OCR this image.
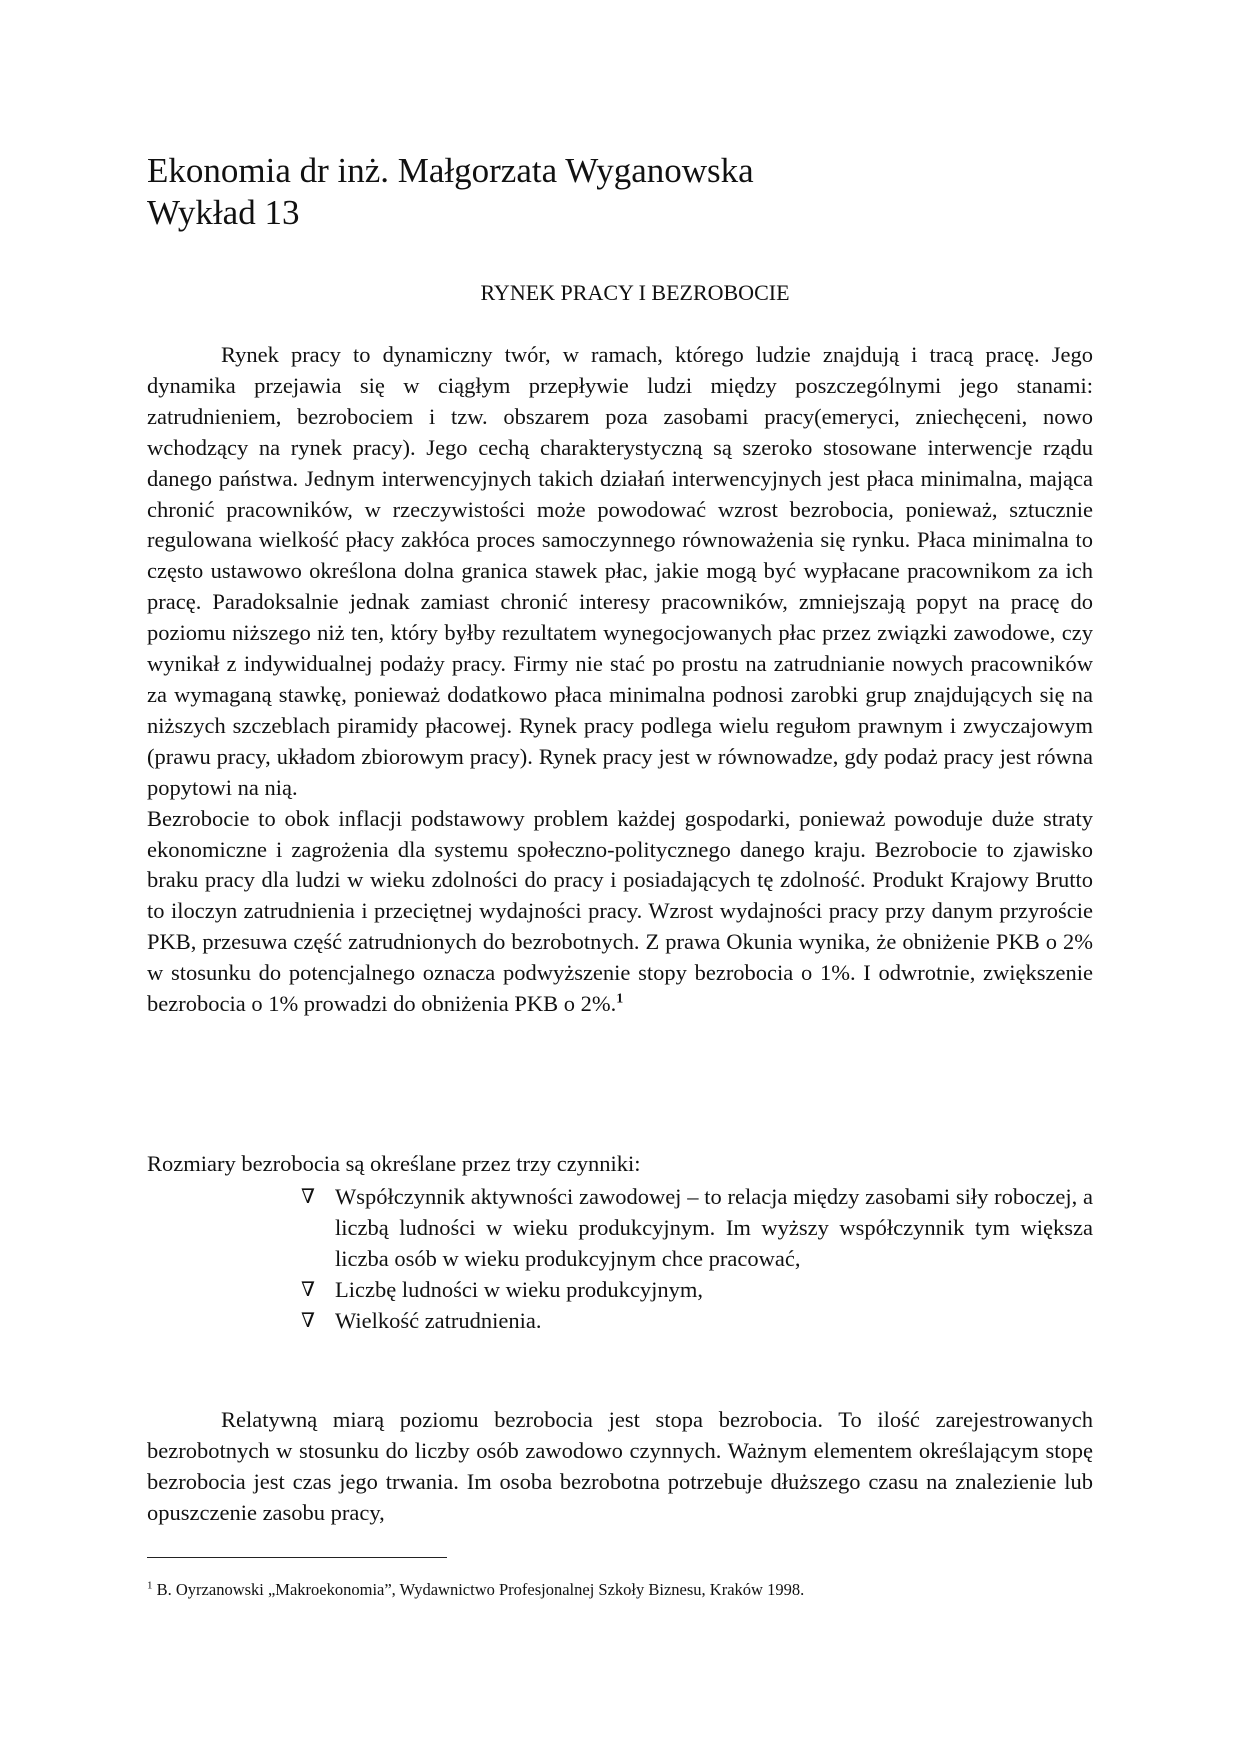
Ekonomia dr inż. Małgorzata Wyganowska
Wykład 13
RYNEK PRACY I BEZROBOCIE

Rynek pracy to dynamiczny twór, w ramach, którego ludzie znajdują i tracą pracę. Jego dynamika przejawia się w ciągłym przepływie ludzi między poszczególnymi jego stanami: zatrudnieniem, bezrobociem i tzw. obszarem poza zasobami pracy(emeryci, zniechęceni, nowo wchodzący na rynek pracy). Jego cechą charakterystyczną są szeroko stosowane interwencje rządu danego państwa. Jednym interwencyjnych takich działań interwencyjnych jest płaca minimalna, mająca chronić pracowników, w rzeczywistości może powodować wzrost bezrobocia, ponieważ, sztucznie regulowana wielkość płacy zakłóca proces samoczynnego równoważenia się rynku. Płaca minimalna to często ustawowo określona dolna granica stawek płac, jakie mogą być wypłacane pracownikom za ich pracę. Paradoksalnie jednak zamiast chronić interesy pracowników, zmniejszają popyt na pracę do poziomu niższego niż ten, który byłby rezultatem wynegocjowanych płac przez związki zawodowe, czy wynikał z indywidualnej podaży pracy. Firmy nie stać po prostu na zatrudnianie nowych pracowników za wymaganą stawkę, ponieważ dodatkowo płaca minimalna podnosi zarobki grup znajdujących się na niższych szczeblach piramidy płacowej. Rynek pracy podlega wielu regułom prawnym i zwyczajowym (prawu pracy, układom zbiorowym pracy). Rynek pracy jest w równowadze, gdy podaż pracy jest równa popytowi na nią.

Bezrobocie to obok inflacji podstawowy problem każdej gospodarki, ponieważ powoduje duże straty ekonomiczne i zagrożenia dla systemu społeczno-politycznego danego kraju. Bezrobocie to zjawisko braku pracy dla ludzi w wieku zdolności do pracy i posiadających tę zdolność. Produkt Krajowy Brutto to iloczyn zatrudnienia i przeciętnej wydajności pracy. Wzrost wydajności pracy przy danym przyroście PKB, przesuwa część zatrudnionych do bezrobotnych. Z prawa Okunia wynika, że obniżenie PKB o 2% w stosunku do potencjalnego oznacza podwyższenie stopy bezrobocia o 1%. I odwrotnie, zwiększenie bezrobocia o 1% prowadzi do obniżenia PKB o 2%.$^1$

Rozmiary bezrobocia są określane przez trzy czynniki:

∇ Współczynnik aktywności zawodowej – to relacja między zasobami siły roboczej, a liczbą ludności w wieku produkcyjnym. Im wyższy współczynnik tym większa liczba osób w wieku produkcyjnym chce pracować,
∇ Liczbę ludności w wieku produkcyjnym,
∇ Wielkość zatrudnienia.

Relatywną miarą poziomu bezrobocia jest stopa bezrobocia. To ilość zarejestrowanych bezrobotnych w stosunku do liczby osób zawodowo czynnych. Ważnym elementem określającym stopę bezrobocia jest czas jego trwania. Im osoba bezrobotna potrzebuje dłuższego czasu na znalezienie lub opuszczenie zasobu pracy,

$^1$ B. Oyrzanowski „Makroekonomia”, Wydawnictwo Profesjonalnej Szkoły Biznesu, Kraków 1998.
